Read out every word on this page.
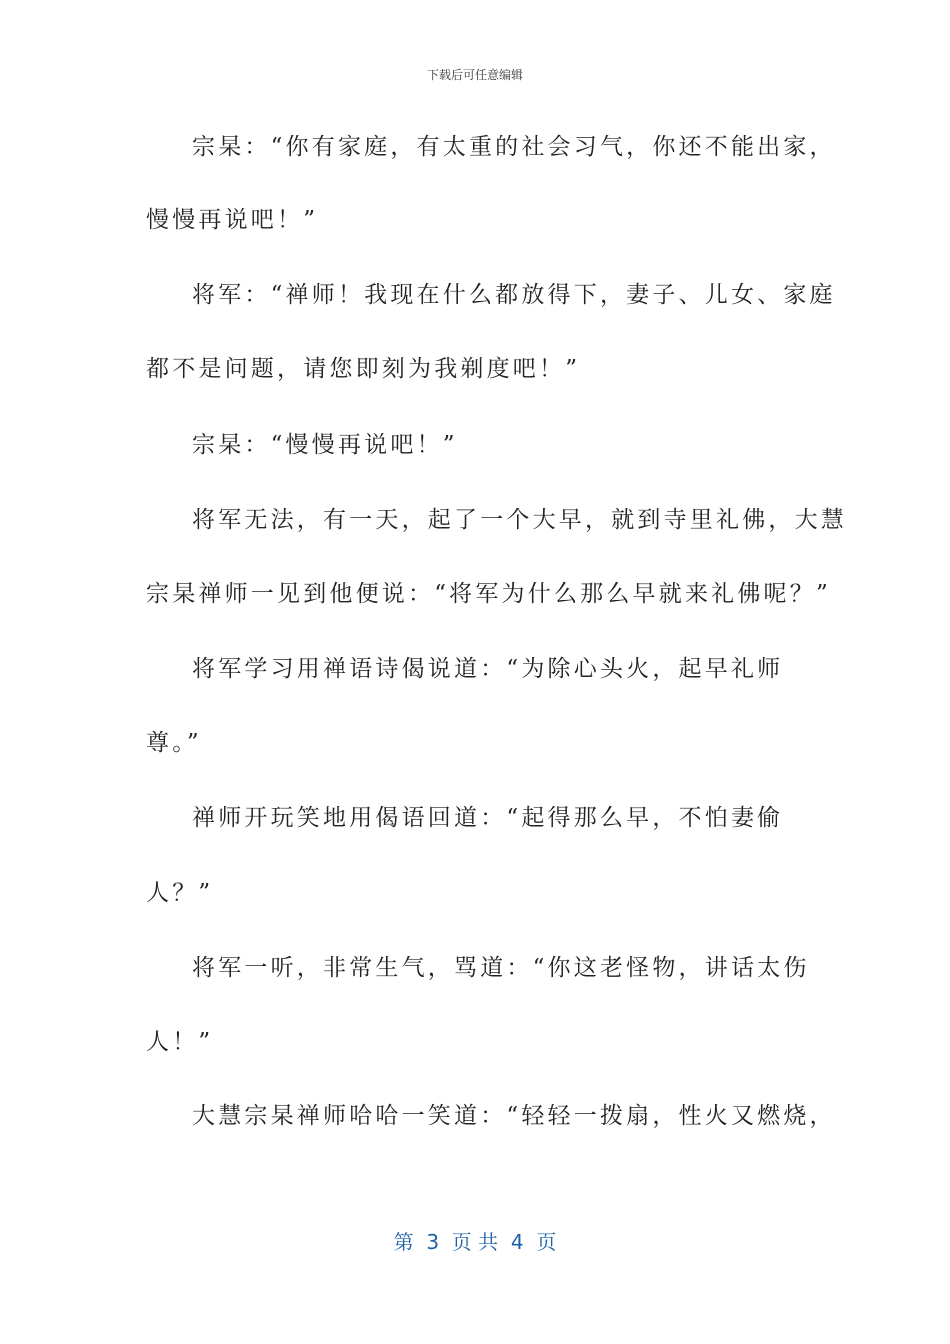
下载后可任意编辑
宗杲：“你有家庭，有太重的社会习气，你还不能出家，
慢慢再说吧！”
将军：“禅师！我现在什么都放得下，妻子、儿女、家庭
都不是问题，请您即刻为我剃度吧！”
宗杲：“慢慢再说吧！”
将军无法，有一天，起了一个大早，就到寺里礼佛，大慧
宗杲禅师一见到他便说：“将军为什么那么早就来礼佛呢？”
将军学习用禅语诗偈说道：“为除心头火，起早礼师
尊。”
禅师开玩笑地用偈语回道：“起得那么早，不怕妻偷
人？”
将军一听，非常生气，骂道：“你这老怪物，讲话太伤
人！”
大慧宗杲禅师哈哈一笑道：“轻轻一拨扇，性火又燃烧，
第  3  页 共  4  页
